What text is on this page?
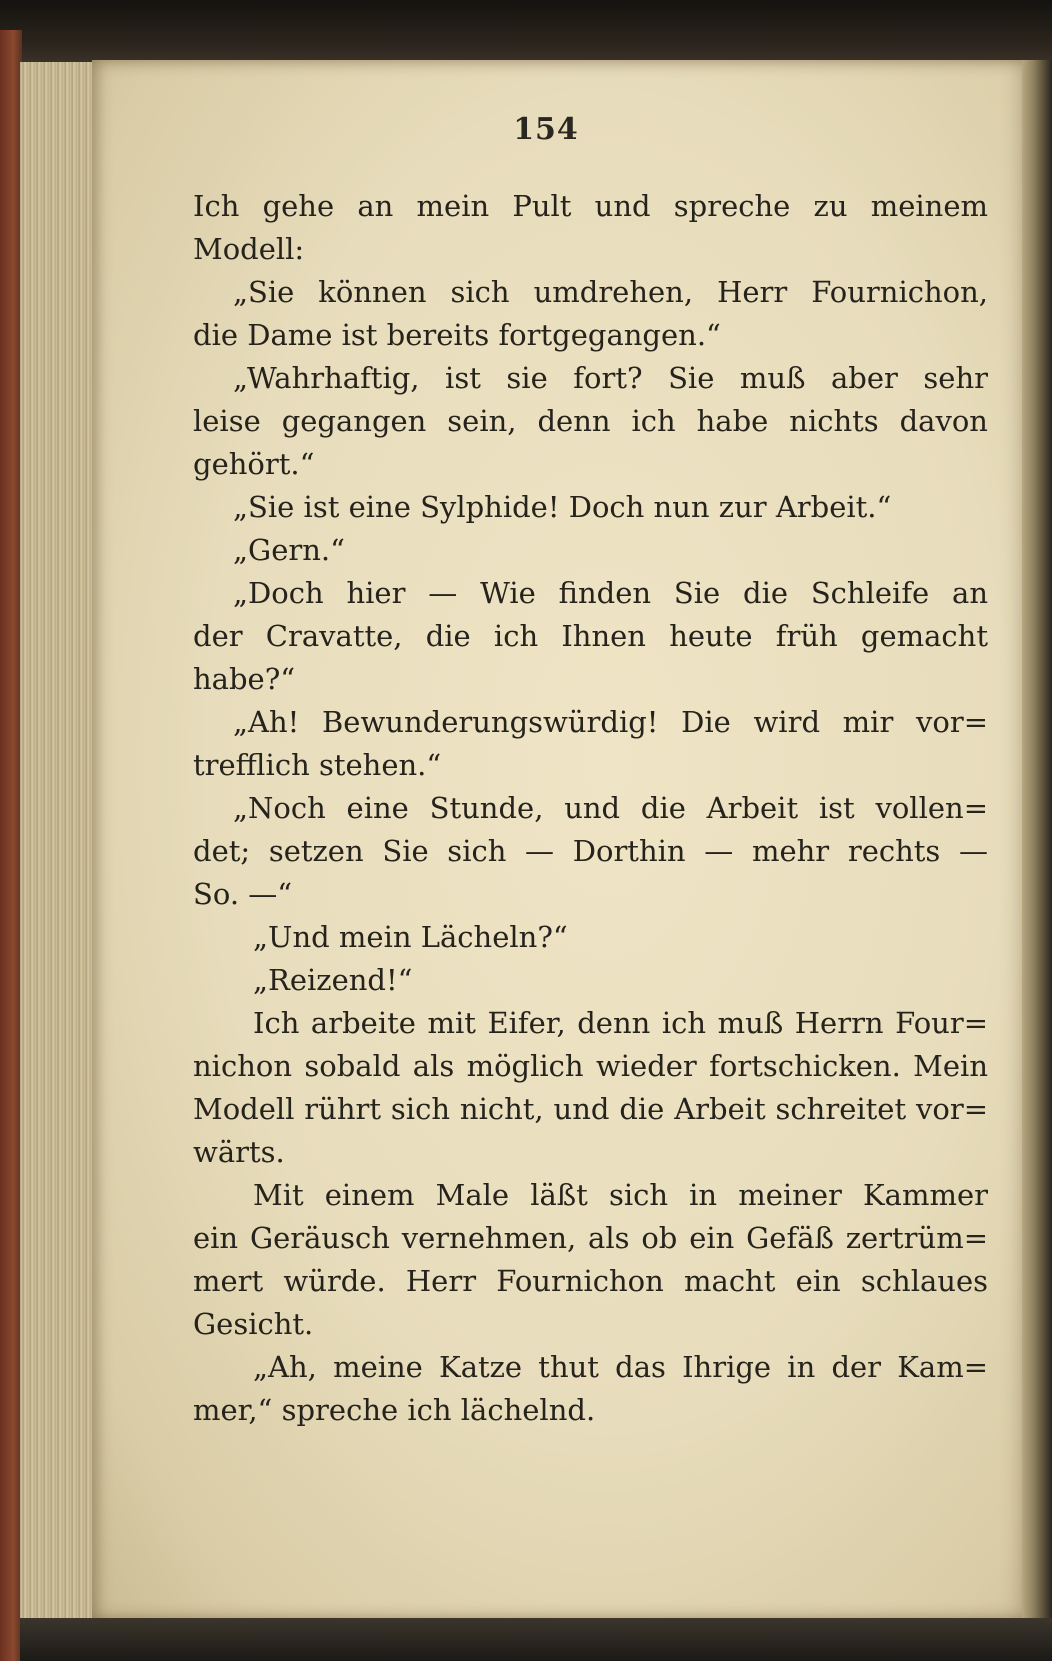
154
Ich gehe an mein Pult und spreche zu meinem
Modell:
„Sie können sich umdrehen, Herr Fournichon,
die Dame ist bereits fortgegangen.“
„Wahrhaftig, ist sie fort? Sie muß aber sehr
leise gegangen sein, denn ich habe nichts davon
gehört.“
„Sie ist eine Sylphide! Doch nun zur Arbeit.“
„Gern.“
„Doch hier — Wie finden Sie die Schleife an
der Cravatte, die ich Ihnen heute früh gemacht
habe?“
„Ah! Bewunderungswürdig! Die wird mir vor=
trefflich stehen.“
„Noch eine Stunde, und die Arbeit ist vollen=
det; setzen Sie sich — Dorthin — mehr rechts —
So. —“
„Und mein Lächeln?“
„Reizend!“
Ich arbeite mit Eifer, denn ich muß Herrn Four=
nichon sobald als möglich wieder fortschicken. Mein
Modell rührt sich nicht, und die Arbeit schreitet vor=
wärts.
Mit einem Male läßt sich in meiner Kammer
ein Geräusch vernehmen, als ob ein Gefäß zertrüm=
mert würde. Herr Fournichon macht ein schlaues
Gesicht.
„Ah, meine Katze thut das Ihrige in der Kam=
mer,“ spreche ich lächelnd.
